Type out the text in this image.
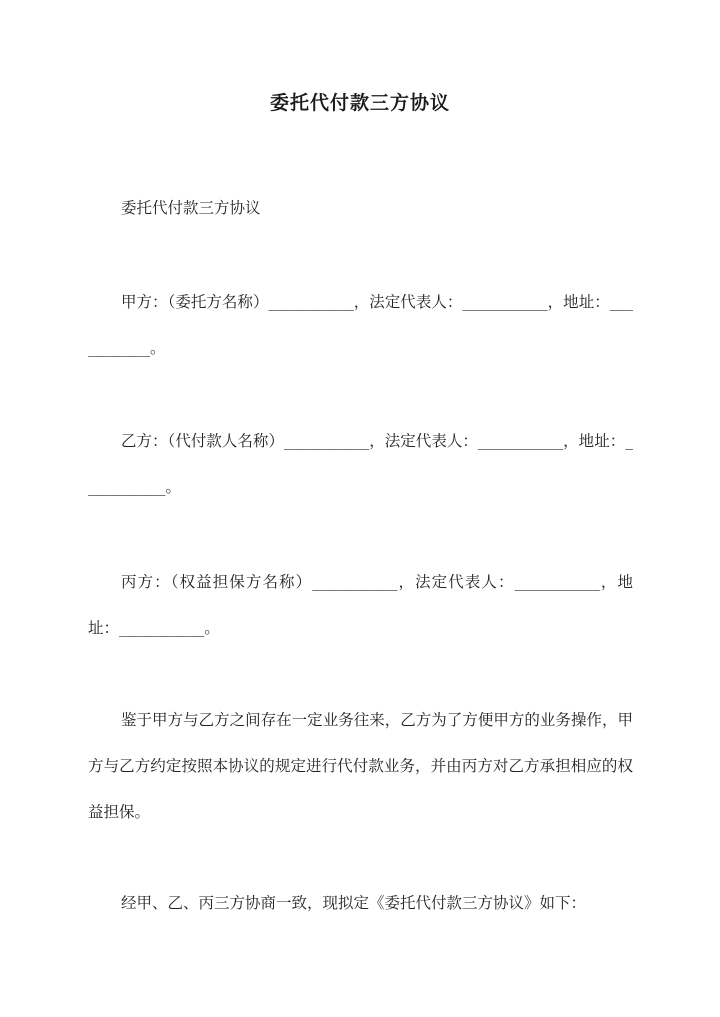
委托代付款三方协议
委托代付款三方协议
甲方：（委托方名称）___________，法定代表人：___________，地址：___________。
乙方：（代付款人名称）___________，法定代表人：___________，地址：___________。
丙方：（权益担保方名称）___________，法定代表人：___________，地址：___________。
鉴于甲方与乙方之间存在一定业务往来，乙方为了方便甲方的业务操作，甲方与乙方约定按照本协议的规定进行代付款业务，并由丙方对乙方承担相应的权益担保。
经甲、乙、丙三方协商一致，现拟定《委托代付款三方协议》如下：
